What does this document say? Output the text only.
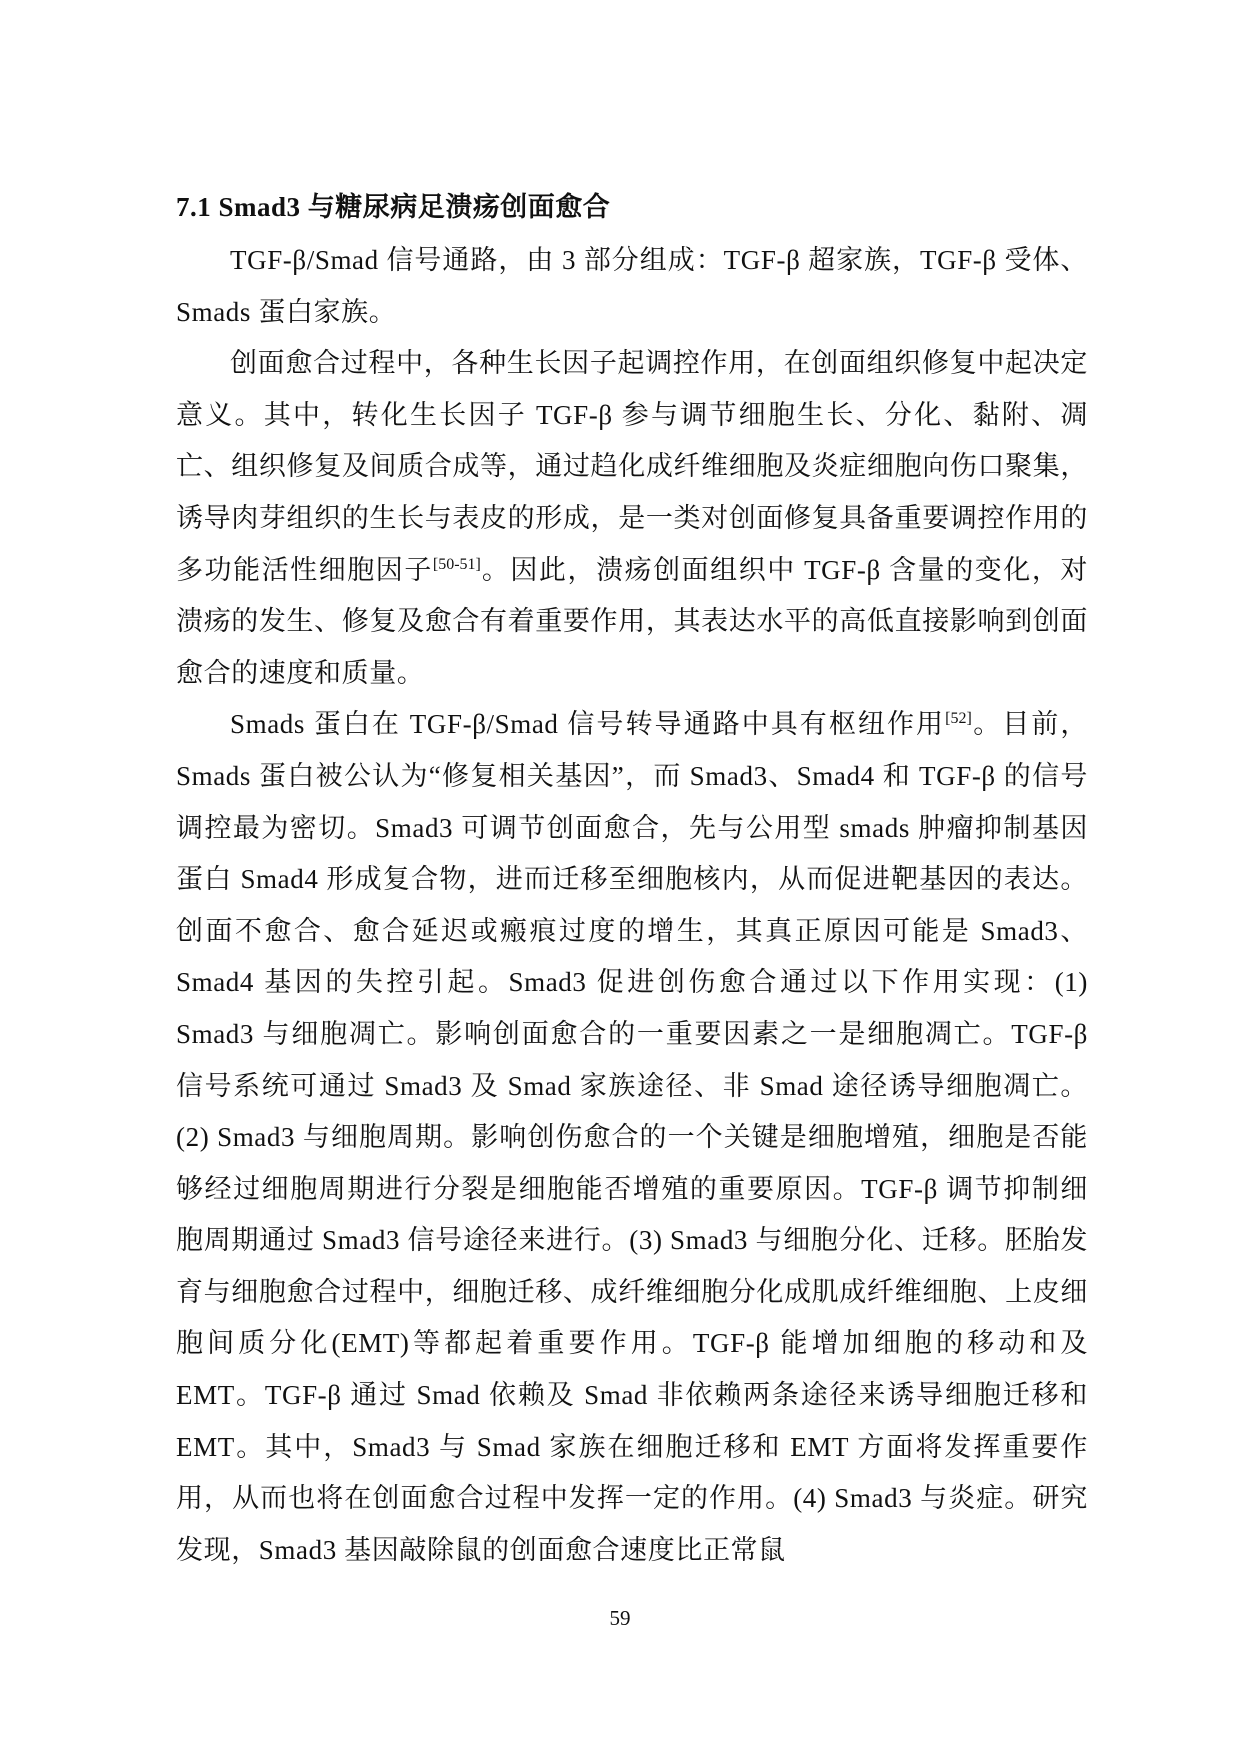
7.1 Smad3 与糖尿病足溃疡创面愈合

TGF-β/Smad 信号通路，由 3 部分组成：TGF-β 超家族，TGF-β 受体、Smads 蛋白家族。

创面愈合过程中，各种生长因子起调控作用，在创面组织修复中起决定意义。其中，转化生长因子 TGF-β 参与调节细胞生长、分化、黏附、凋亡、组织修复及间质合成等，通过趋化成纤维细胞及炎症细胞向伤口聚集，诱导肉芽组织的生长与表皮的形成，是一类对创面修复具备重要调控作用的多功能活性细胞因子[50-51]。因此，溃疡创面组织中 TGF-β 含量的变化，对溃疡的发生、修复及愈合有着重要作用，其表达水平的高低直接影响到创面愈合的速度和质量。

Smads 蛋白在 TGF-β/Smad 信号转导通路中具有枢纽作用[52]。目前，Smads 蛋白被公认为“修复相关基因”，而 Smad3、Smad4 和 TGF-β 的信号调控最为密切。Smad3 可调节创面愈合，先与公用型 smads 肿瘤抑制基因蛋白 Smad4 形成复合物，进而迁移至细胞核内，从而促进靶基因的表达。创面不愈合、愈合延迟或瘢痕过度的增生，其真正原因可能是 Smad3、Smad4 基因的失控引起。Smad3 促进创伤愈合通过以下作用实现：(1) Smad3 与细胞凋亡。影响创面愈合的一重要因素之一是细胞凋亡。TGF-β 信号系统可通过 Smad3 及 Smad 家族途径、非 Smad 途径诱导细胞凋亡。(2) Smad3 与细胞周期。影响创伤愈合的一个关键是细胞增殖，细胞是否能够经过细胞周期进行分裂是细胞能否增殖的重要原因。TGF-β 调节抑制细胞周期通过 Smad3 信号途径来进行。(3) Smad3 与细胞分化、迁移。胚胎发育与细胞愈合过程中，细胞迁移、成纤维细胞分化成肌成纤维细胞、上皮细胞间质分化(EMT)等都起着重要作用。TGF-β 能增加细胞的移动和及 EMT。TGF-β 通过 Smad 依赖及 Smad 非依赖两条途径来诱导细胞迁移和 EMT。其中，Smad3 与 Smad 家族在细胞迁移和 EMT 方面将发挥重要作用，从而也将在创面愈合过程中发挥一定的作用。(4) Smad3 与炎症。研究发现，Smad3 基因敲除鼠的创面愈合速度比正常鼠

59
